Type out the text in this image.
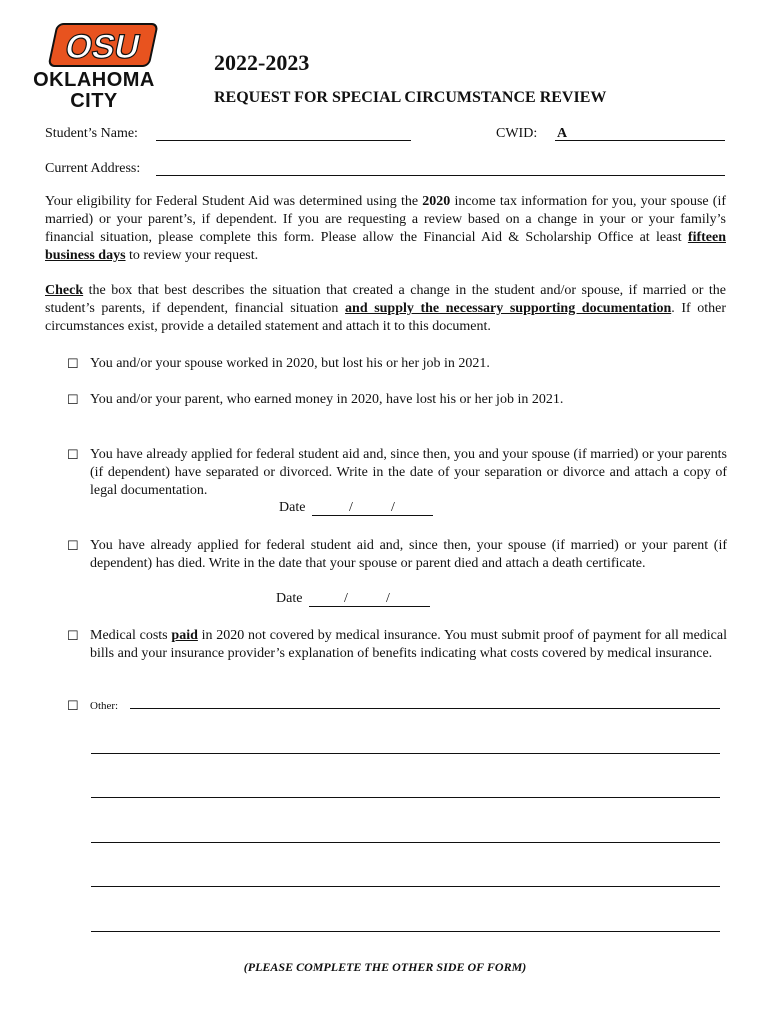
OSU
OKLAHOMA
CITY
2022-2023
REQUEST FOR SPECIAL CIRCUMSTANCE REVIEW
Student’s Name:	CWID: A
Current Address:
Your eligibility for Federal Student Aid was determined using the 2020 income tax information for you, your spouse (if married) or your parent’s, if dependent. If you are requesting a review based on a change in your or your family’s financial situation, please complete this form. Please allow the Financial Aid & Scholarship Office at least fifteen business days to review your request.
Check the box that best describes the situation that created a change in the student and/or spouse, if married or the student’s parents, if dependent, financial situation and supply the necessary supporting documentation. If other circumstances exist, provide a detailed statement and attach it to this document.
☐ You and/or your spouse worked in 2020, but lost his or her job in 2021.
☐ You and/or your parent, who earned money in 2020, have lost his or her job in 2021.
☐ You have already applied for federal student aid and, since then, you and your spouse (if married) or your parents (if dependent) have separated or divorced. Write in the date of your separation or divorce and attach a copy of legal documentation.
Date	/	/
☐ You have already applied for federal student aid and, since then, your spouse (if married) or your parent (if dependent) has died. Write in the date that your spouse or parent died and attach a death certificate.
Date	/	/
☐ Medical costs paid in 2020 not covered by medical insurance. You must submit proof of payment for all medical bills and your insurance provider’s explanation of benefits indicating what costs covered by medical insurance.
☐ Other:
(PLEASE COMPLETE THE OTHER SIDE OF FORM)
